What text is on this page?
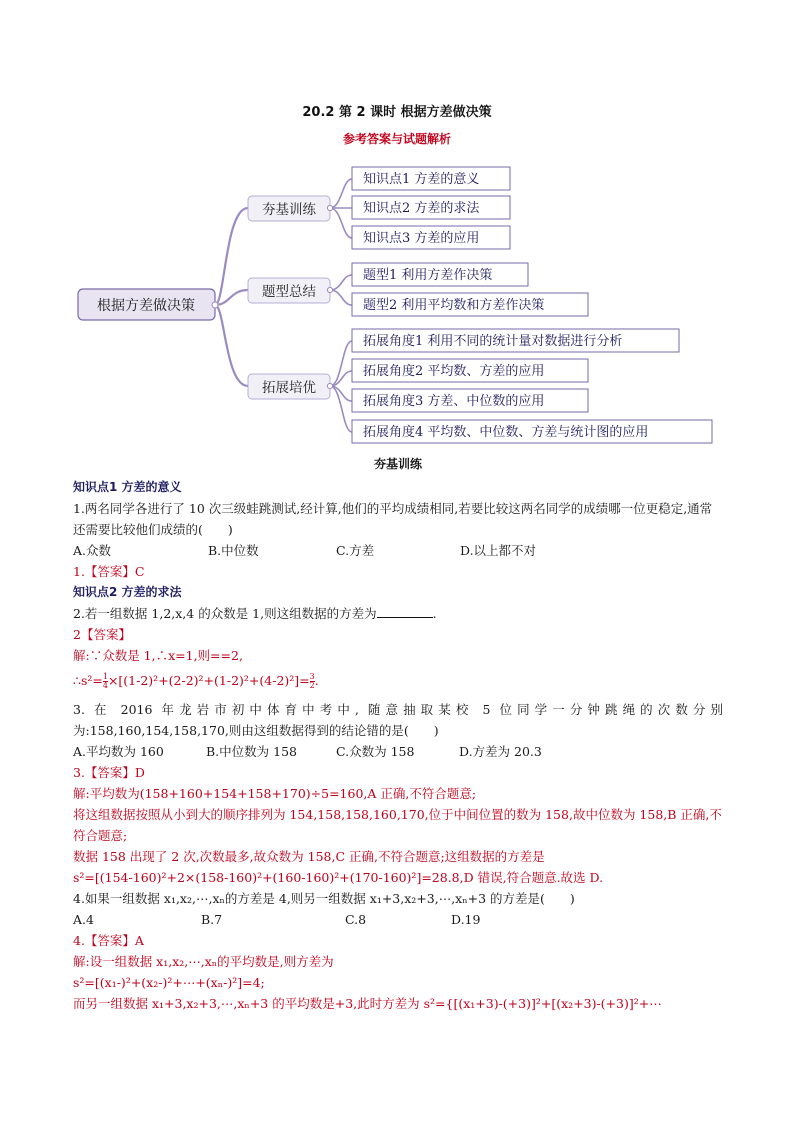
20.2 第 2 课时 根据方差做决策
参考答案与试题解析
根据方差做决策
夯基训练
题型总结
拓展培优
知识点1 方差的意义
知识点2 方差的求法
知识点3 方差的应用
题型1 利用方差作决策
题型2 利用平均数和方差作决策
拓展角度1 利用不同的统计量对数据进行分析
拓展角度2 平均数、方差的应用
拓展角度3 方差、中位数的应用
拓展角度4 平均数、中位数、方差与统计图的应用

夯基训练

知识点1 方差的意义

1.两名同学各进行了 10 次三级蛙跳测试,经计算,他们的平均成绩相同,若要比较这两名同学的成绩哪一位更稳定,通常还需要比较他们成绩的(　　)

A.众数	B.中位数	C.方差	D.以上都不对

1.【答案】C

知识点2 方差的求法

2.若一组数据 1,2,x,4 的众数是 1,则这组数据的方差为	.

2【答案】

解:∵众数是 1,∴x=1,则==2,

∴s²= $\frac{1}{4} \times[(1-2)^2+(2-2)^2+(1-2)^2+(4-2)^2]= \frac{3}{2}$ .

3. 在 2016 年龙岩市初中体育中考中, 随意抽取某校 5 位同学一分钟跳绳的次数分别

为:158,160,154,158,170,则由这组数据得到的结论错的是(　　)

A.平均数为 160	B.中位数为 158	C.众数为 158	D.方差为 20.3

3.【答案】D

解:平均数为(158+160+154+158+170)÷5=160,A 正确,不符合题意;

将这组数据按照从小到大的顺序排列为 154,158,158,160,170,位于中间位置的数为 158,故中位数为 158,B 正确,不符合题意;

数据 158 出现了 2 次,次数最多,故众数为 158,C 正确,不符合题意;这组数据的方差是

s²=[(154-160)²+2×(158-160)²+(160-160)²+(170-160)²]=28.8,D 错误,符合题意.故选 D.

4.如果一组数据 x₁,x₂,⋯,xₙ的方差是 4,则另一组数据 x₁+3,x₂+3,⋯,xₙ+3 的方差是(　　)

A.4	B.7	C.8	D.19

4.【答案】A

解:设一组数据 x₁,x₂,⋯,xₙ的平均数是,则方差为

s²=[(x₁-)²+(x₂-)²+⋯+(xₙ-)²]=4;

而另一组数据 x₁+3,x₂+3,⋯,xₙ+3 的平均数是+3,此时方差为 s²={[(x₁+3)-(+3)]²+[(x₂+3)-(+3)]²+⋯
